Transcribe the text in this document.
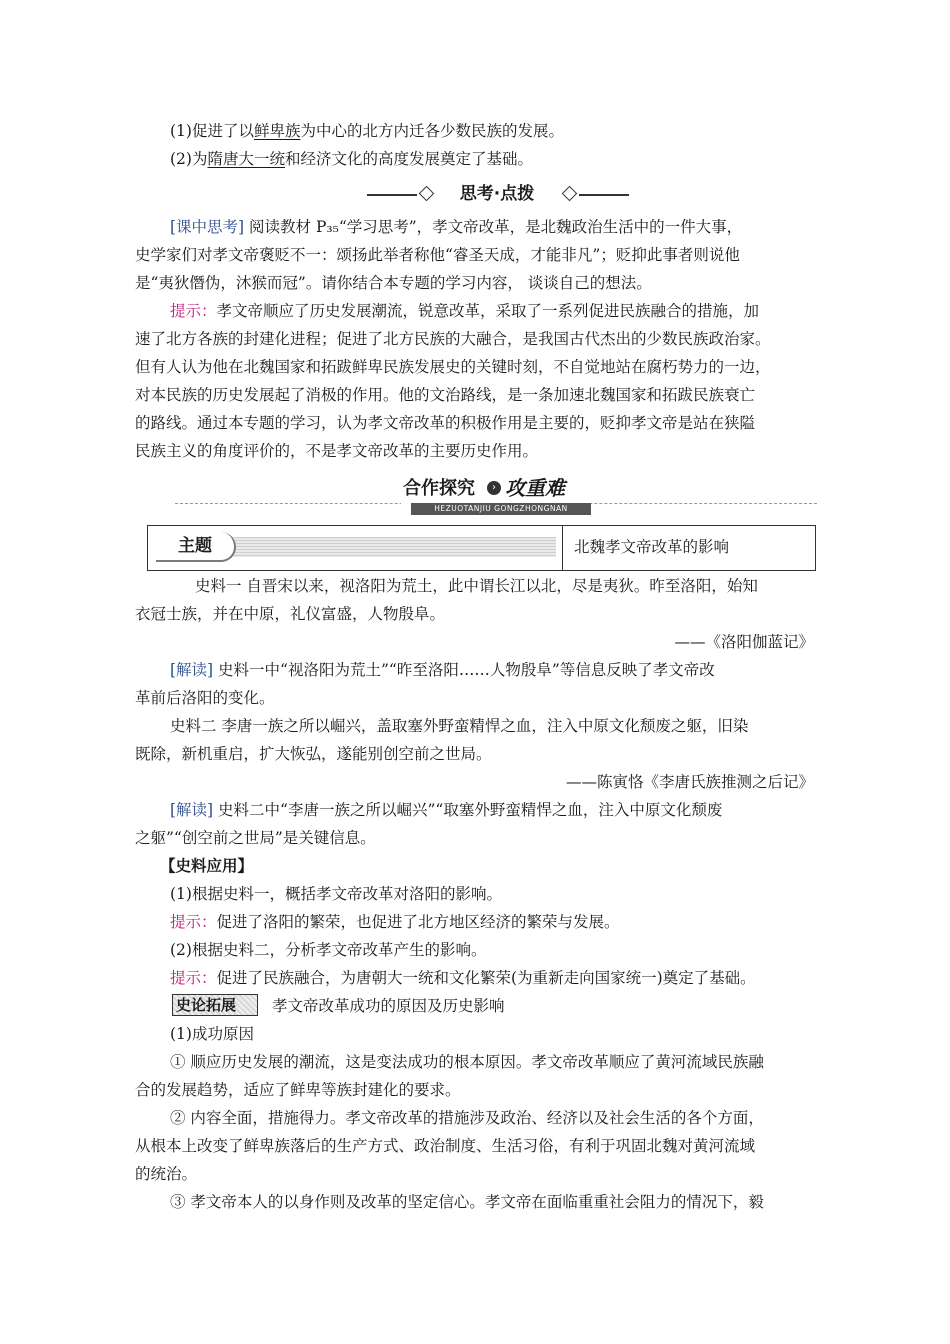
(1)促进了以鲜卑族为中心的北方内迁各少数民族的发展。
(2)为隋唐大一统和经济文化的高度发展奠定了基础。
思考·点拨
[课中思考] 阅读教材 P₃₅“学习思考”，孝文帝改革，是北魏政治生活中的一件大事，
史学家们对孝文帝褒贬不一：颂扬此举者称他“睿圣天成，才能非凡”；贬抑此事者则说他
是“夷狄僭伪，沐猴而冠”。请你结合本专题的学习内容， 谈谈自己的想法。
提示：孝文帝顺应了历史发展潮流，锐意改革，采取了一系列促进民族融合的措施，加
速了北方各族的封建化进程；促进了北方民族的大融合，是我国古代杰出的少数民族政治家。
但有人认为他在北魏国家和拓跋鲜卑民族发展史的关键时刻，不自觉地站在腐朽势力的一边，
对本民族的历史发展起了消极的作用。他的文治路线，是一条加速北魏国家和拓跋民族衰亡
的路线。通过本专题的学习，认为孝文帝改革的积极作用是主要的，贬抑孝文帝是站在狭隘
民族主义的角度评价的，不是孝文帝改革的主要历史作用。
合作探究	› 攻重难
HEZUOTANJIU GONGZHONGNAN
主题	北魏孝文帝改革的影响
史料一 自晋宋以来，视洛阳为荒土，此中谓长江以北，尽是夷狄。昨至洛阳，始知
衣冠士族，并在中原，礼仪富盛，人物殷阜。
——《洛阳伽蓝记》
[解读] 史料一中“视洛阳为荒土”“昨至洛阳……人物殷阜”等信息反映了孝文帝改
革前后洛阳的变化。
史料二 李唐一族之所以崛兴，盖取塞外野蛮精悍之血，注入中原文化颓废之躯，旧染
既除，新机重启，扩大恢弘，遂能别创空前之世局。
——陈寅恪《李唐氏族推测之后记》
[解读] 史料二中“李唐一族之所以崛兴”“取塞外野蛮精悍之血，注入中原文化颓废
之躯”“创空前之世局”是关键信息。
【史料应用】
(1)根据史料一，概括孝文帝改革对洛阳的影响。
提示：促进了洛阳的繁荣，也促进了北方地区经济的繁荣与发展。
(2)根据史料二，分析孝文帝改革产生的影响。
提示：促进了民族融合，为唐朝大一统和文化繁荣(为重新走向国家统一)奠定了基础。
史论拓展 孝文帝改革成功的原因及历史影响
(1)成功原因
① 顺应历史发展的潮流，这是变法成功的根本原因。孝文帝改革顺应了黄河流域民族融
合的发展趋势，适应了鲜卑等族封建化的要求。
② 内容全面，措施得力。孝文帝改革的措施涉及政治、经济以及社会生活的各个方面，
从根本上改变了鲜卑族落后的生产方式、政治制度、生活习俗，有利于巩固北魏对黄河流域
的统治。
③ 孝文帝本人的以身作则及改革的坚定信心。孝文帝在面临重重社会阻力的情况下，毅
